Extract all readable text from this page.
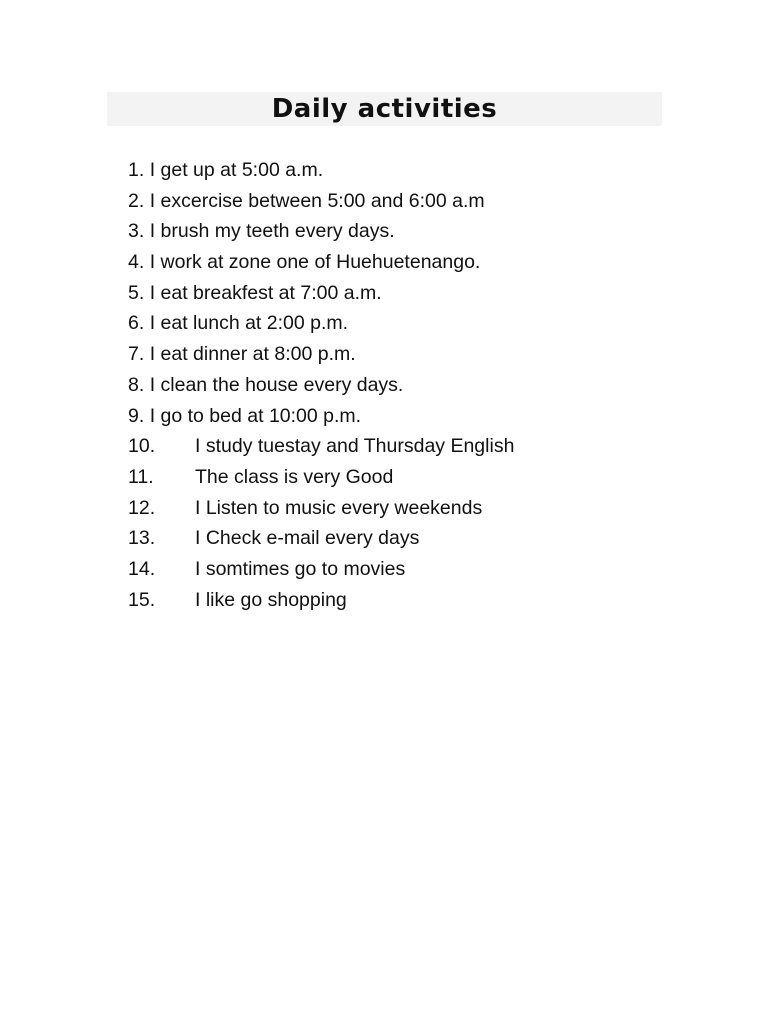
Daily activities
1. I get up at 5:00 a.m.
2. I excercise between 5:00 and 6:00 a.m
3. I brush my teeth every days.
4. I work at zone one of Huehuetenango.
5. I eat breakfest at 7:00 a.m.
6. I eat lunch at 2:00 p.m.
7. I eat dinner at 8:00 p.m.
8. I clean the house every days.
9. I go to bed at 10:00 p.m.
10.	I study tuestay and Thursday English
11.	The class is very Good
12.	I Listen to music every weekends
13.	I Check e-mail every days
14.	I somtimes go to movies
15.	I like go shopping
